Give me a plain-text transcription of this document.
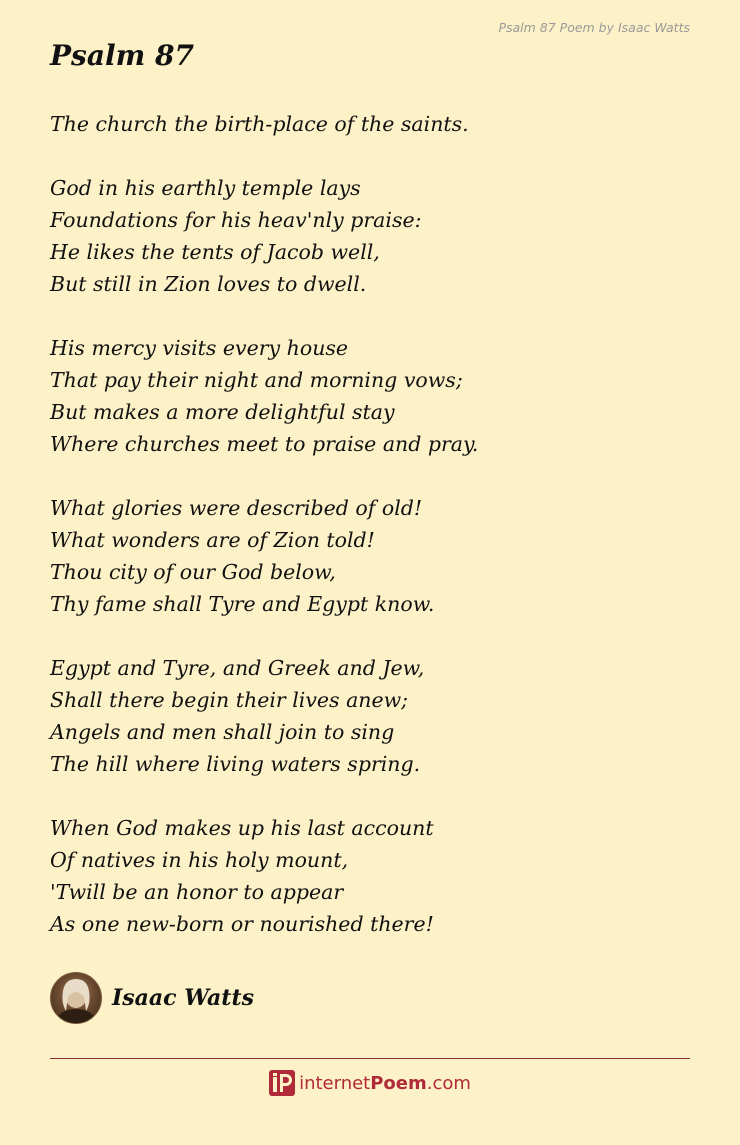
Psalm 87 Poem by Isaac Watts
Psalm 87
The church the birth-place of the saints.
God in his earthly temple lays
Foundations for his heav'nly praise:
He likes the tents of Jacob well,
But still in Zion loves to dwell.
His mercy visits every house
That pay their night and morning vows;
But makes a more delightful stay
Where churches meet to praise and pray.
What glories were described of old!
What wonders are of Zion told!
Thou city of our God below,
Thy fame shall Tyre and Egypt know.
Egypt and Tyre, and Greek and Jew,
Shall there begin their lives anew;
Angels and men shall join to sing
The hill where living waters spring.
When God makes up his last account
Of natives in his holy mount,
'Twill be an honor to appear
As one new-born or nourished there!
Isaac Watts
internet Poem .com
